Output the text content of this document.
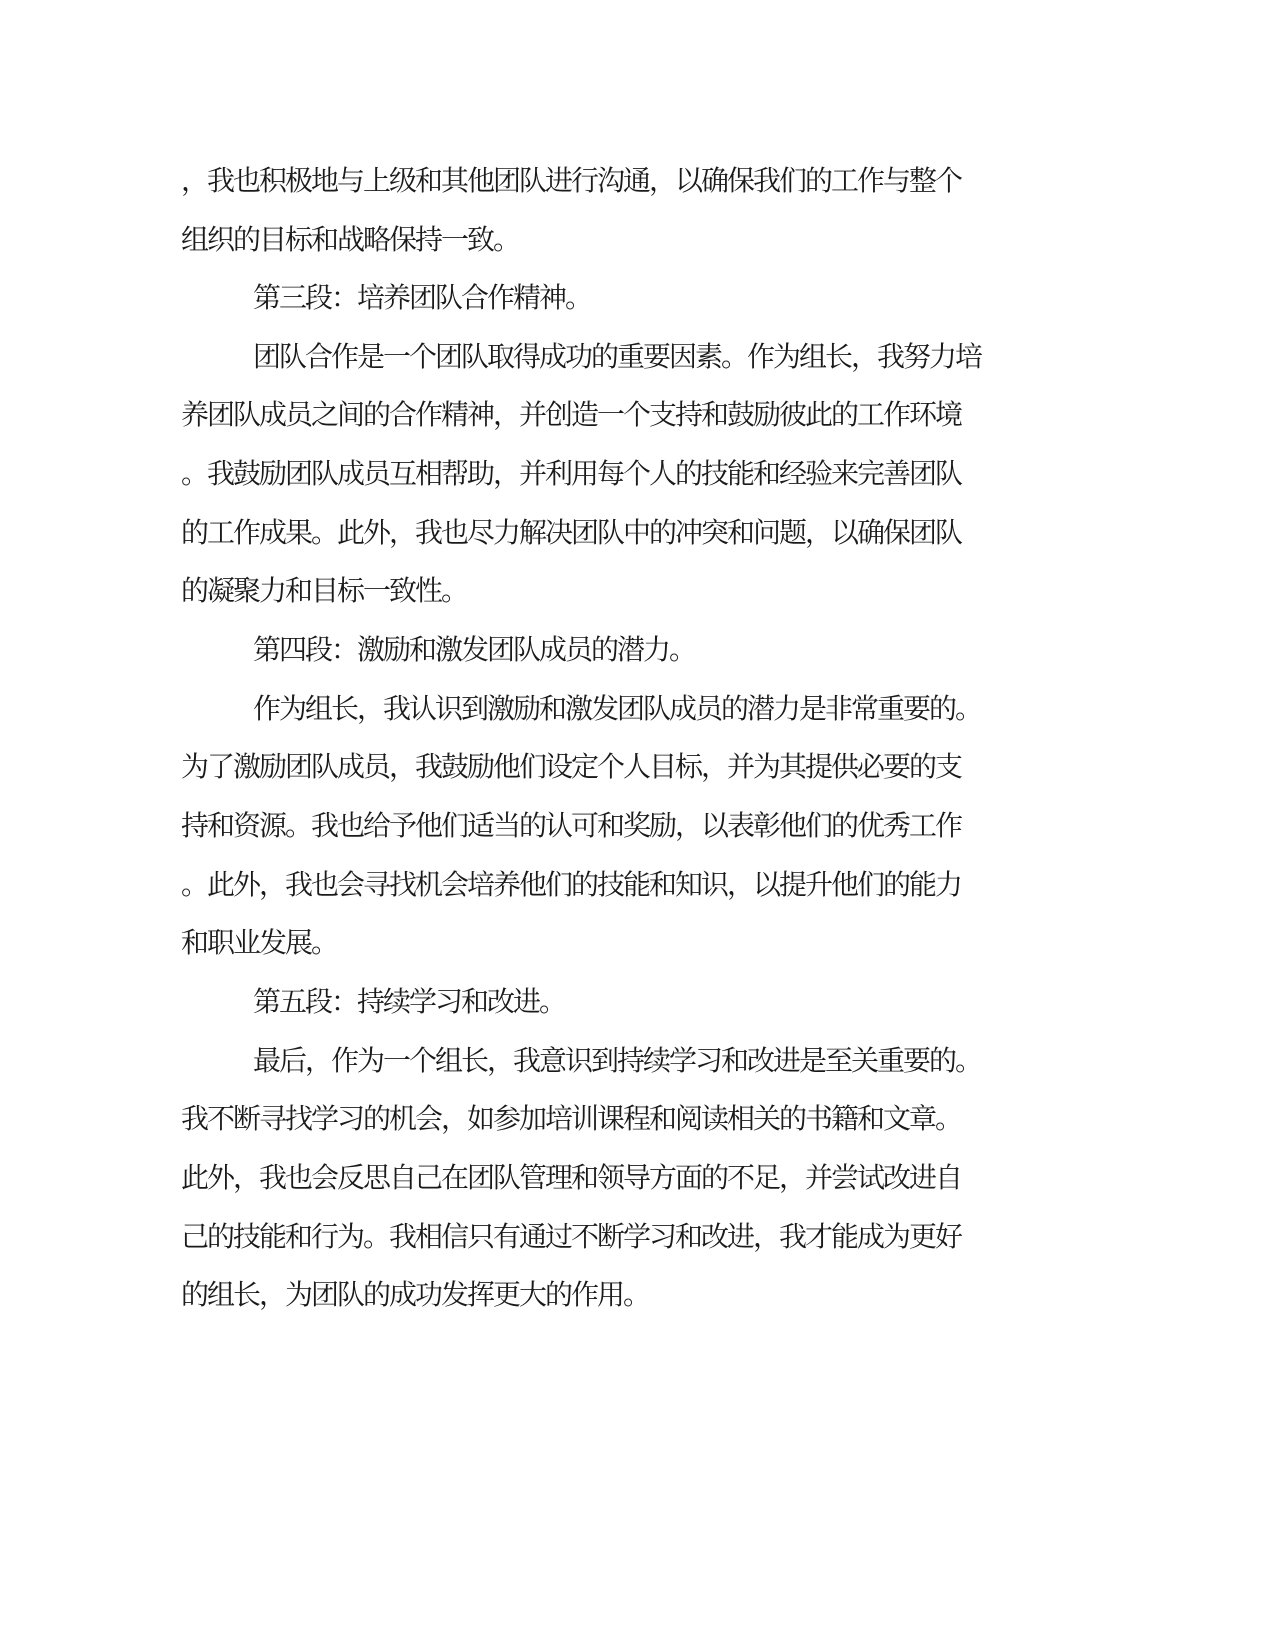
，我也积极地与上级和其他团队进行沟通，以确保我们的工作与整个
组织的目标和战略保持一致。
第三段：培养团队合作精神。
团队合作是一个团队取得成功的重要因素。作为组长，我努力培
养团队成员之间的合作精神，并创造一个支持和鼓励彼此的工作环境
。我鼓励团队成员互相帮助，并利用每个人的技能和经验来完善团队
的工作成果。此外，我也尽力解决团队中的冲突和问题，以确保团队
的凝聚力和目标一致性。
第四段：激励和激发团队成员的潜力。
作为组长，我认识到激励和激发团队成员的潜力是非常重要的。
为了激励团队成员，我鼓励他们设定个人目标，并为其提供必要的支
持和资源。我也给予他们适当的认可和奖励，以表彰他们的优秀工作
。此外，我也会寻找机会培养他们的技能和知识，以提升他们的能力
和职业发展。
第五段：持续学习和改进。
最后，作为一个组长，我意识到持续学习和改进是至关重要的。
我不断寻找学习的机会，如参加培训课程和阅读相关的书籍和文章。
此外，我也会反思自己在团队管理和领导方面的不足，并尝试改进自
己的技能和行为。我相信只有通过不断学习和改进，我才能成为更好
的组长，为团队的成功发挥更大的作用。
